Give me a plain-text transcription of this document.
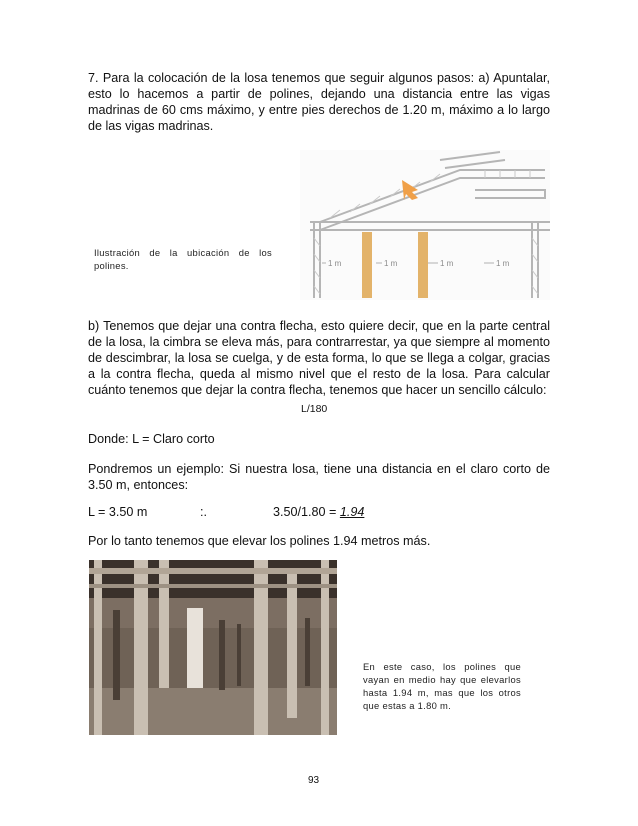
7. Para la colocación de la losa tenemos que seguir algunos pasos: a) Apuntalar, esto lo hacemos a partir de polines, dejando una distancia entre las vigas madrinas de 60 cms máximo, y entre pies derechos de 1.20 m, máximo a lo largo de las vigas madrinas.

1 m	1 m	1 m	1 m
Ilustración de la ubicación de los polines.

b) Tenemos que dejar una contra flecha, esto quiere decir, que en la parte central de la losa, la cimbra se eleva más, para contrarrestar, ya que siempre al momento de descimbrar, la losa se cuelga, y de esta forma, lo que se llega a colgar, gracias a la contra flecha, queda al mismo nivel que el resto de la losa. Para calcular cuánto tenemos que dejar la contra flecha, tenemos que hacer un sencillo cálculo:

L/180

Donde: L = Claro corto

Pondremos un ejemplo: Si nuestra losa, tiene una distancia en el claro corto de 3.50 m, entonces:

L = 3.50 m	:.	3.50/1.80 = 1.94

Por lo tanto tenemos que elevar los polines 1.94 metros más.

En este caso, los polines que vayan en medio hay que elevarlos hasta 1.94 m, mas que los otros que estas a 1.80 m.
93
